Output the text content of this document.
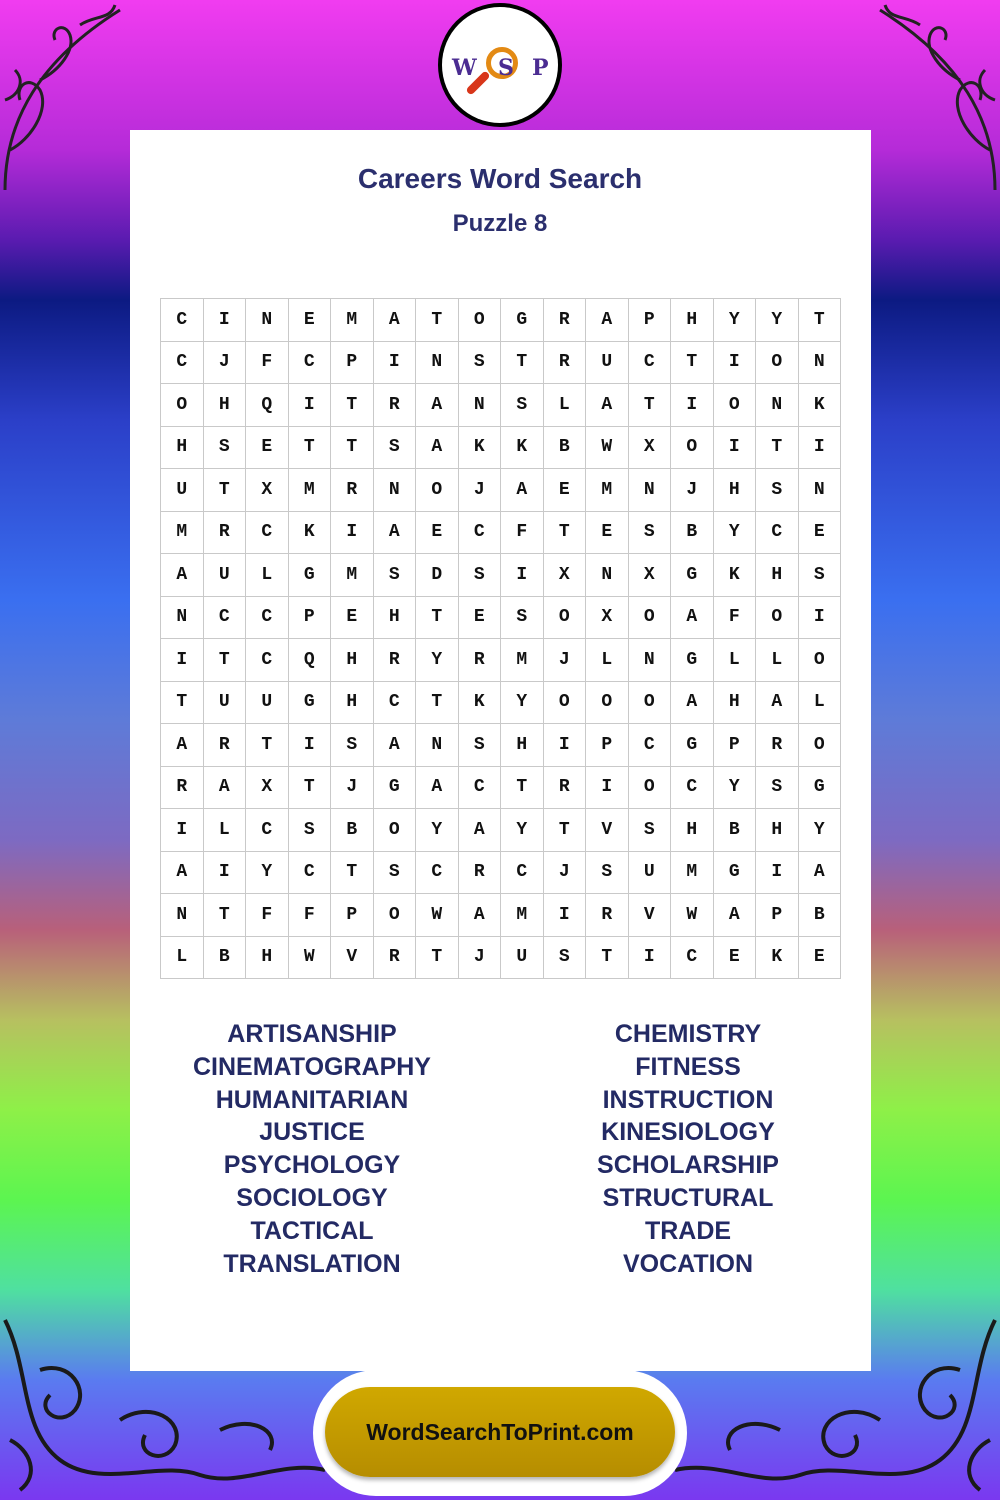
W S P
Careers Word Search
Puzzle 8
C	I	N	E	M	A	T	O	G	R	A	P	H	Y	Y	T
C	J	F	C	P	I	N	S	T	R	U	C	T	I	O	N
O	H	Q	I	T	R	A	N	S	L	A	T	I	O	N	K
H	S	E	T	T	S	A	K	K	B	W	X	O	I	T	I
U	T	X	M	R	N	O	J	A	E	M	N	J	H	S	N
M	R	C	K	I	A	E	C	F	T	E	S	B	Y	C	E
A	U	L	G	M	S	D	S	I	X	N	X	G	K	H	S
N	C	C	P	E	H	T	E	S	O	X	O	A	F	O	I
I	T	C	Q	H	R	Y	R	M	J	L	N	G	L	L	O
T	U	U	G	H	C	T	K	Y	O	O	O	A	H	A	L
A	R	T	I	S	A	N	S	H	I	P	C	G	P	R	O
R	A	X	T	J	G	A	C	T	R	I	O	C	Y	S	G
I	L	C	S	B	O	Y	A	Y	T	V	S	H	B	H	Y
A	I	Y	C	T	S	C	R	C	J	S	U	M	G	I	A
N	T	F	F	P	O	W	A	M	I	R	V	W	A	P	B
L	B	H	W	V	R	T	J	U	S	T	I	C	E	K	E
ARTISANSHIP
CINEMATOGRAPHY
HUMANITARIAN
JUSTICE
PSYCHOLOGY
SOCIOLOGY
TACTICAL
TRANSLATION
CHEMISTRY
FITNESS
INSTRUCTION
KINESIOLOGY
SCHOLARSHIP
STRUCTURAL
TRADE
VOCATION
WordSearchToPrint.com
